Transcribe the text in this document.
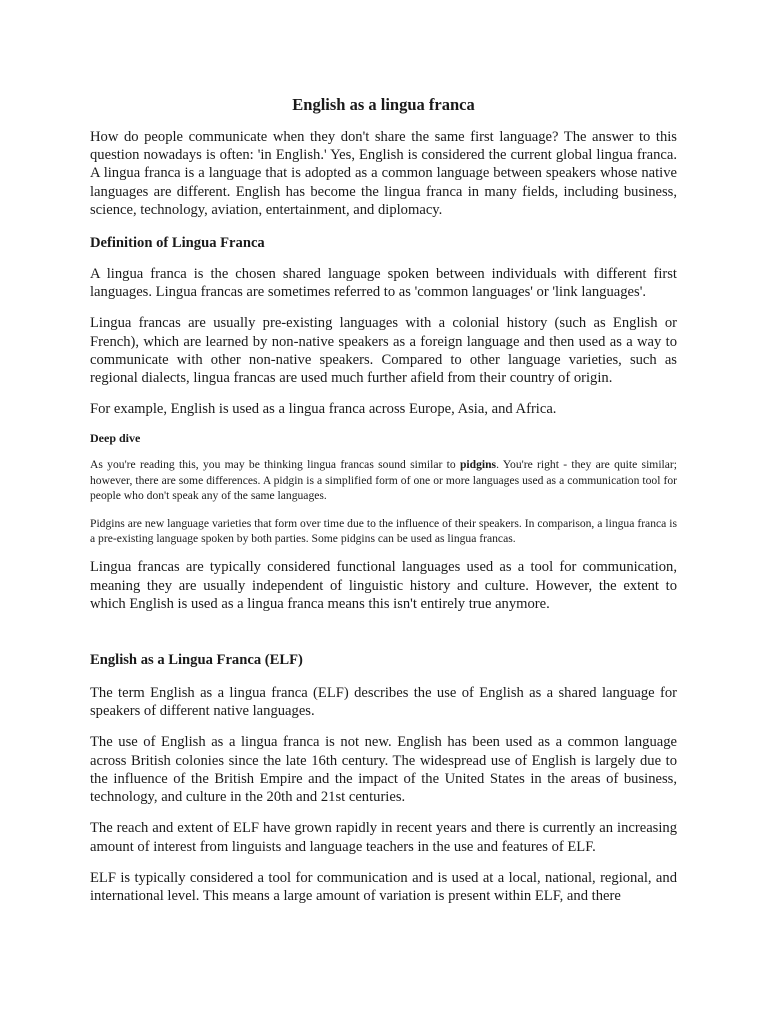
English as a lingua franca

How do people communicate when they don't share the same first language? The answer to this question nowadays is often: 'in English.' Yes, English is considered the current global lingua franca. A lingua franca is a language that is adopted as a common language between speakers whose native languages are different. English has become the lingua franca in many fields, including business, science, technology, aviation, entertainment, and diplomacy.

Definition of Lingua Franca

A lingua franca is the chosen shared language spoken between individuals with different first languages. Lingua francas are sometimes referred to as 'common languages' or 'link languages'.

Lingua francas are usually pre-existing languages with a colonial history (such as English or French), which are learned by non-native speakers as a foreign language and then used as a way to communicate with other non-native speakers. Compared to other language varieties, such as regional dialects, lingua francas are used much further afield from their country of origin.

For example, English is used as a lingua franca across Europe, Asia, and Africa.

Deep dive

As you're reading this, you may be thinking lingua francas sound similar to pidgins. You're right - they are quite similar; however, there are some differences. A pidgin is a simplified form of one or more languages used as a communication tool for people who don't speak any of the same languages.

Pidgins are new language varieties that form over time due to the influence of their speakers. In comparison, a lingua franca is a pre-existing language spoken by both parties. Some pidgins can be used as lingua francas.

Lingua francas are typically considered functional languages used as a tool for communication, meaning they are usually independent of linguistic history and culture. However, the extent to which English is used as a lingua franca means this isn't entirely true anymore.

English as a Lingua Franca (ELF)

The term English as a lingua franca (ELF) describes the use of English as a shared language for speakers of different native languages.

The use of English as a lingua franca is not new. English has been used as a common language across British colonies since the late 16th century. The widespread use of English is largely due to the influence of the British Empire and the impact of the United States in the areas of business, technology, and culture in the 20th and 21st centuries.

The reach and extent of ELF have grown rapidly in recent years and there is currently an increasing amount of interest from linguists and language teachers in the use and features of ELF.

ELF is typically considered a tool for communication and is used at a local, national, regional, and international level. This means a large amount of variation is present within ELF, and there
